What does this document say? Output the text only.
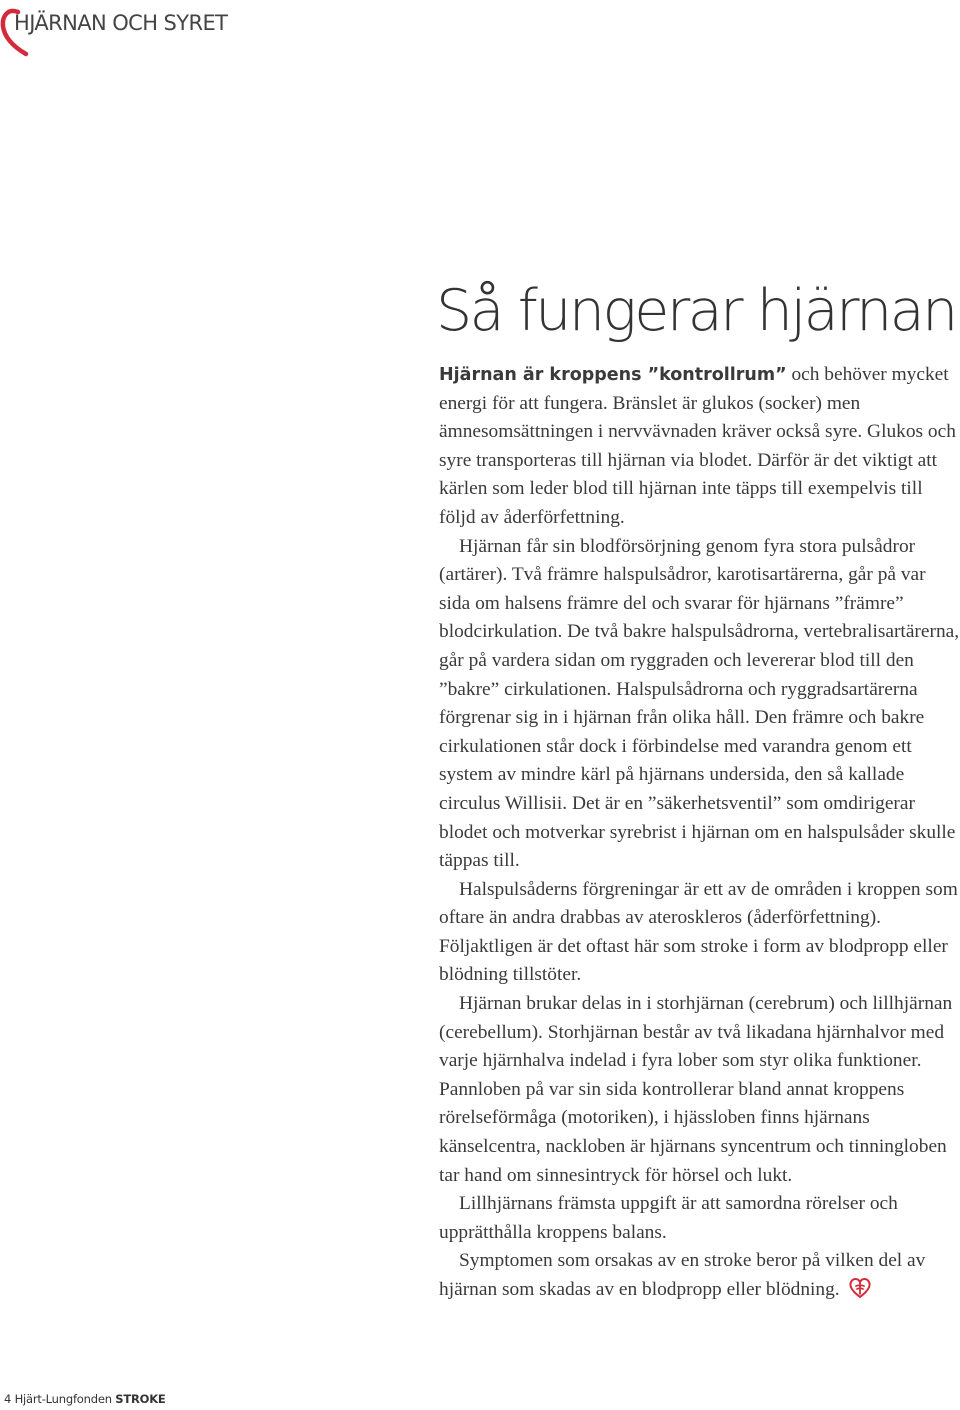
HJÄRNAN OCH SYRET
Så fungerar hjärnan

Hjärnan är kroppens ”kontrollrum” och behöver mycket energi för att fungera. Bränslet är glukos (socker) men ämnesomsättningen i nervvävnaden kräver också syre. Glukos och syre transporteras till hjärnan via blodet. Därför är det viktigt att kärlen som leder blod till hjärnan inte täpps till exempelvis till följd av åderförfettning.

Hjärnan får sin blodförsörjning genom fyra stora pulsådror (artärer). Två främre halspulsådror, karotisartärerna, går på var sida om halsens främre del och svarar för hjärnans ”främre” blodcirkulation. De två bakre halspulsådrorna, vertebralisartärerna, går på vardera sidan om ryggraden och levererar blod till den ”bakre” cirkulationen. Halspulsådrorna och ryggradsartärerna förgrenar sig in i hjärnan från olika håll. Den främre och bakre cirkulationen står dock i förbindelse med varandra genom ett system av mindre kärl på hjärnans undersida, den så kallade circulus Willisii. Det är en ”säkerhetsventil” som omdirigerar blodet och motverkar syrebrist i hjärnan om en halspulsåder skulle täppas till.

Halspulsåderns förgreningar är ett av de områden i kroppen som oftare än andra drabbas av ateroskleros (åderförfettning). Följaktligen är det oftast här som stroke i form av blodpropp eller blödning tillstöter.

Hjärnan brukar delas in i storhjärnan (cerebrum) och lillhjärnan (cerebellum). Storhjärnan består av två likadana hjärnhalvor med varje hjärnhalva indelad i fyra lober som styr olika funktioner. Pannloben på var sin sida kontrollerar bland annat kroppens rörelseförmåga (motoriken), i hjässloben finns hjärnans känselcentra, nackloben är hjärnans syncentrum och tinningloben tar hand om sinnesintryck för hörsel och lukt.

Lillhjärnans främsta uppgift är att samordna rörelser och upprätthålla kroppens balans.

Symptomen som orsakas av en stroke beror på vilken del av hjärnan som skadas av en blodpropp eller blödning.

4 Hjärt-Lungfonden STROKE
